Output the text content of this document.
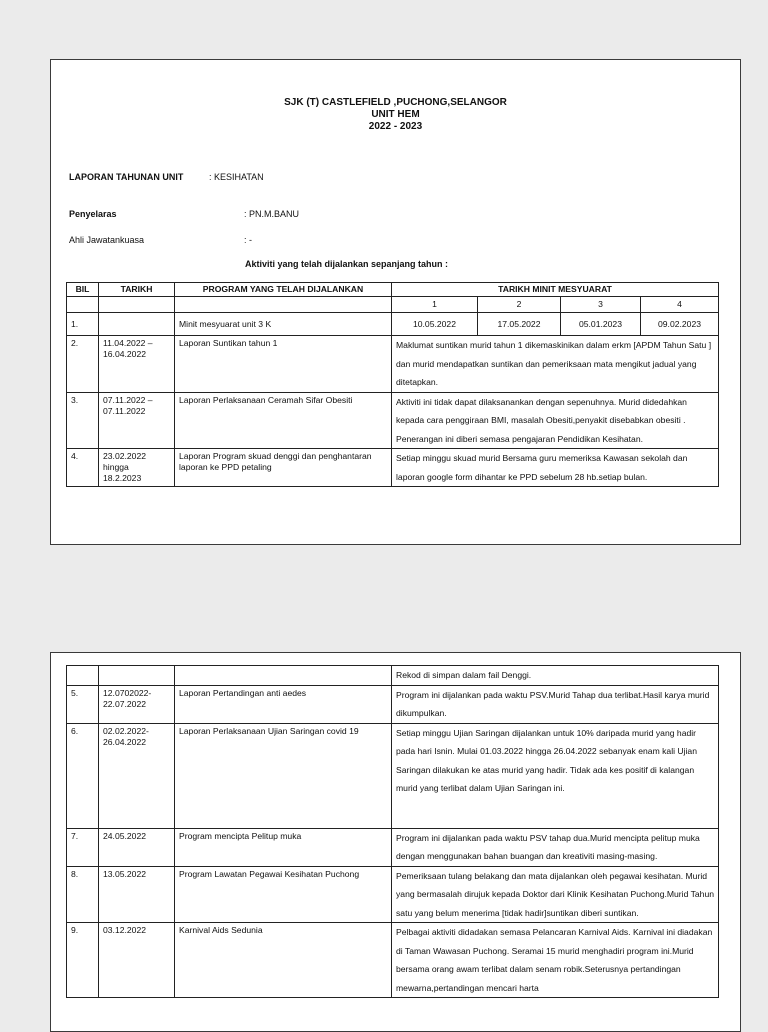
SJK (T) CASTLEFIELD ,PUCHONG,SELANGOR
UNIT HEM
2022 - 2023
LAPORAN TAHUNAN UNIT	: KESIHATAN
Penyelaras	: PN.M.BANU
Ahli Jawatankuasa	: -
Aktiviti yang telah dijalankan sepanjang tahun :
BIL	TARIKH	PROGRAM YANG TELAH DIJALANKAN	TARIKH MINIT MESYUARAT			
			1	2	3	4
1.		Minit mesyuarat unit 3 K	10.05.2022	17.05.2022	05.01.2023	09.02.2023
2.	11.04.2022 –
16.04.2022	Laporan Suntikan tahun 1	Maklumat suntikan murid tahun 1 dikemaskinikan dalam erkm [APDM Tahun Satu ] dan murid mendapatkan suntikan dan pemeriksaan mata mengikut jadual yang ditetapkan.			
3.	07.11.2022 –
07.11.2022	Laporan Perlaksanaan Ceramah Sifar Obesiti	Aktiviti ini tidak dapat dilaksanankan dengan sepenuhnya. Murid didedahkan kepada cara penggiraan BMI, masalah Obesiti,penyakit disebabkan obesiti . Penerangan ini diberi semasa pengajaran Pendidikan Kesihatan.			
4.	23.02.2022
hingga
18.2.2023	Laporan Program skuad denggi dan penghantaran laporan ke PPD petaling	Setiap minggu skuad murid Bersama guru memeriksa Kawasan sekolah dan laporan google form dihantar ke PPD sebelum 28 hb.setiap bulan.			
			Rekod di simpan dalam fail Denggi.
5.	12.0702022-
22.07.2022	Laporan Pertandingan anti aedes	Program ini dijalankan pada waktu PSV.Murid Tahap dua terlibat.Hasil karya murid dikumpulkan.
6.	02.02.2022-
26.04.2022	Laporan Perlaksanaan Ujian Saringan covid 19	Setiap minggu Ujian Saringan dijalankan untuk 10% daripada murid yang hadir pada hari Isnin. Mulai 01.03.2022 hingga 26.04.2022 sebanyak enam kali Ujian Saringan dilakukan ke atas murid yang hadir. Tidak ada kes positif di kalangan murid yang terlibat dalam Ujian Saringan ini.
7.	24.05.2022	Program mencipta Pelitup muka	Program ini dijalankan pada waktu PSV tahap dua.Murid mencipta pelitup muka dengan menggunakan bahan buangan dan kreativiti masing-masing.
8.	13.05.2022	Program Lawatan Pegawai Kesihatan Puchong	Pemeriksaan tulang belakang dan mata dijalankan oleh pegawai kesihatan. Murid yang bermasalah dirujuk kepada Doktor dari Klinik Kesihatan Puchong.Murid Tahun satu yang belum menerima [tidak hadir]suntikan diberi suntikan.
9.	03.12.2022	Karnival Aids Sedunia	Pelbagai aktiviti didadakan semasa Pelancaran Karnival Aids. Karnival ini diadakan di Taman Wawasan Puchong. Seramai 15 murid menghadiri program ini.Murid bersama orang awam terlibat dalam senam robik.Seterusnya pertandingan mewarna,pertandingan mencari harta
